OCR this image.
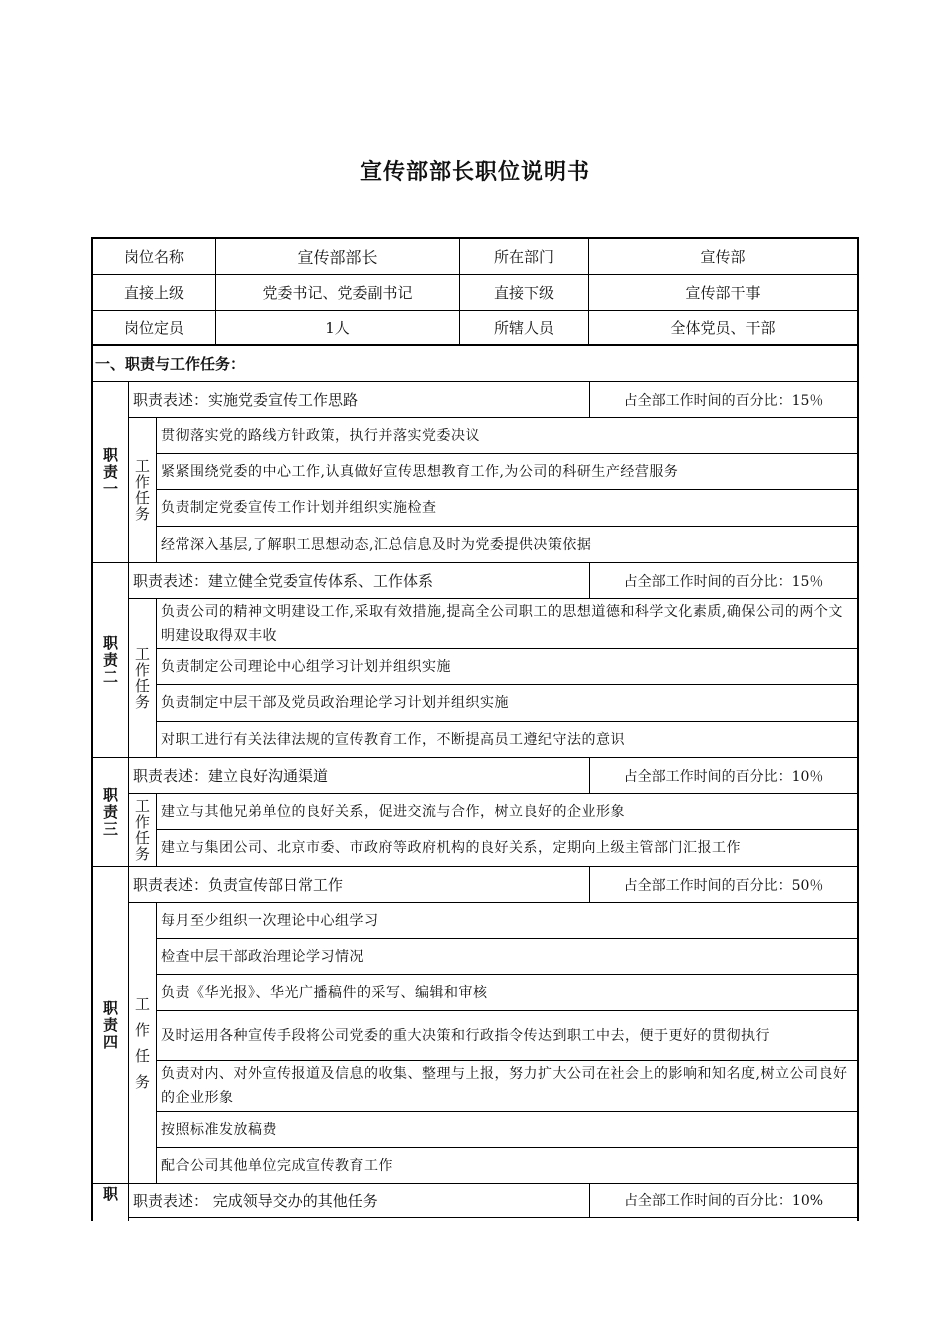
宣传部部长职位说明书
岗位名称	宣传部部长	所在部门	宣传部
直接上级	党委书记、党委副书记	直接下级	宣传部干事
岗位定员	1人	所辖人员	全体党员、干部
一、职责与工作任务：
职责一
职责表述：实施党委宣传工作思路	占全部工作时间的百分比：15％
工作任务
贯彻落实党的路线方针政策，执行并落实党委决议
紧紧围绕党委的中心工作,认真做好宣传思想教育工作,为公司的科研生产经营服务
负责制定党委宣传工作计划并组织实施检查
经常深入基层,了解职工思想动态,汇总信息及时为党委提供决策依据
职责二
职责表述：建立健全党委宣传体系、工作体系	占全部工作时间的百分比：15％
工作任务
负责公司的精神文明建设工作,采取有效措施,提高全公司职工的思想道德和科学文化素质,确保公司的两个文明建设取得双丰收
负责制定公司理论中心组学习计划并组织实施
负责制定中层干部及党员政治理论学习计划并组织实施
对职工进行有关法律法规的宣传教育工作，不断提高员工遵纪守法的意识
职责三
职责表述：建立良好沟通渠道	占全部工作时间的百分比：10％
工作任务
建立与其他兄弟单位的良好关系，促进交流与合作，树立良好的企业形象
建立与集团公司、北京市委、市政府等政府机构的良好关系，定期向上级主管部门汇报工作
职责四
职责表述：负责宣传部日常工作	占全部工作时间的百分比：50％
工作任务
每月至少组织一次理论中心组学习
检查中层干部政治理论学习情况
负责《华光报》、华光广播稿件的采写、编辑和审核
及时运用各种宣传手段将公司党委的重大决策和行政指令传达到职工中去，便于更好的贯彻执行
负责对内、对外宣传报道及信息的收集、整理与上报，努力扩大公司在社会上的影响和知名度,树立公司良好的企业形象
按照标准发放稿费
配合公司其他单位完成宣传教育工作
职 职责表述： 完成领导交办的其他任务	占全部工作时间的百分比：10%
